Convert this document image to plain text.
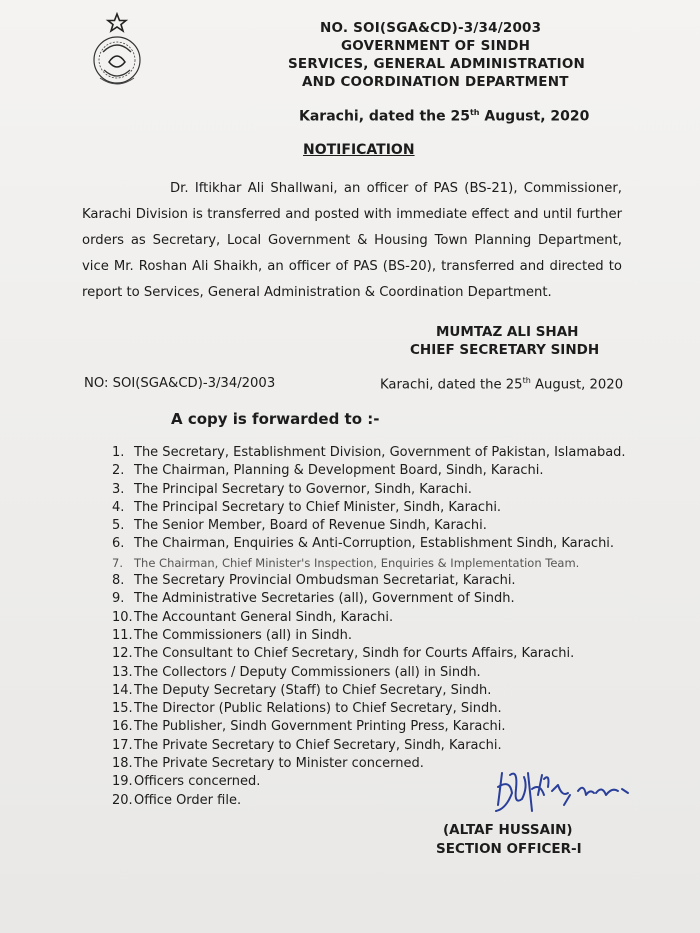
NO. SOI(SGA&CD)-3/34/2003
GOVERNMENT OF SINDH
SERVICES, GENERAL ADMINISTRATION
AND COORDINATION DEPARTMENT
Karachi, dated the 25th August, 2020
NOTIFICATION
Dr. Iftikhar Ali Shallwani, an officer of PAS (BS-21), Commissioner, Karachi Division is transferred and posted with immediate effect and until further orders as Secretary, Local Government & Housing Town Planning Department, vice Mr. Roshan Ali Shaikh, an officer of PAS (BS-20), transferred and directed to report to Services, General Administration & Coordination Department.
MUMTAZ ALI SHAH
CHIEF SECRETARY SINDH
NO: SOI(SGA&CD)-3/34/2003	Karachi, dated the 25th August, 2020
A copy is forwarded to :-
1. The Secretary, Establishment Division, Government of Pakistan, Islamabad.
2. The Chairman, Planning & Development Board, Sindh, Karachi.
3. The Principal Secretary to Governor, Sindh, Karachi.
4. The Principal Secretary to Chief Minister, Sindh, Karachi.
5. The Senior Member, Board of Revenue Sindh, Karachi.
6. The Chairman, Enquiries & Anti-Corruption, Establishment Sindh, Karachi.
7. The Chairman, Chief Minister's Inspection, Enquiries & Implementation Team.
8. The Secretary Provincial Ombudsman Secretariat, Karachi.
9. The Administrative Secretaries (all), Government of Sindh.
10.The Accountant General Sindh, Karachi.
11.The Commissioners (all) in Sindh.
12.The Consultant to Chief Secretary, Sindh for Courts Affairs, Karachi.
13.The Collectors / Deputy Commissioners (all) in Sindh.
14.The Deputy Secretary (Staff) to Chief Secretary, Sindh.
15.The Director (Public Relations) to Chief Secretary, Sindh.
16.The Publisher, Sindh Government Printing Press, Karachi.
17.The Private Secretary to Chief Secretary, Sindh, Karachi.
18.The Private Secretary to Minister concerned.
19.Officers concerned.
20.Office Order file.
(ALTAF HUSSAIN)
SECTION OFFICER-I
